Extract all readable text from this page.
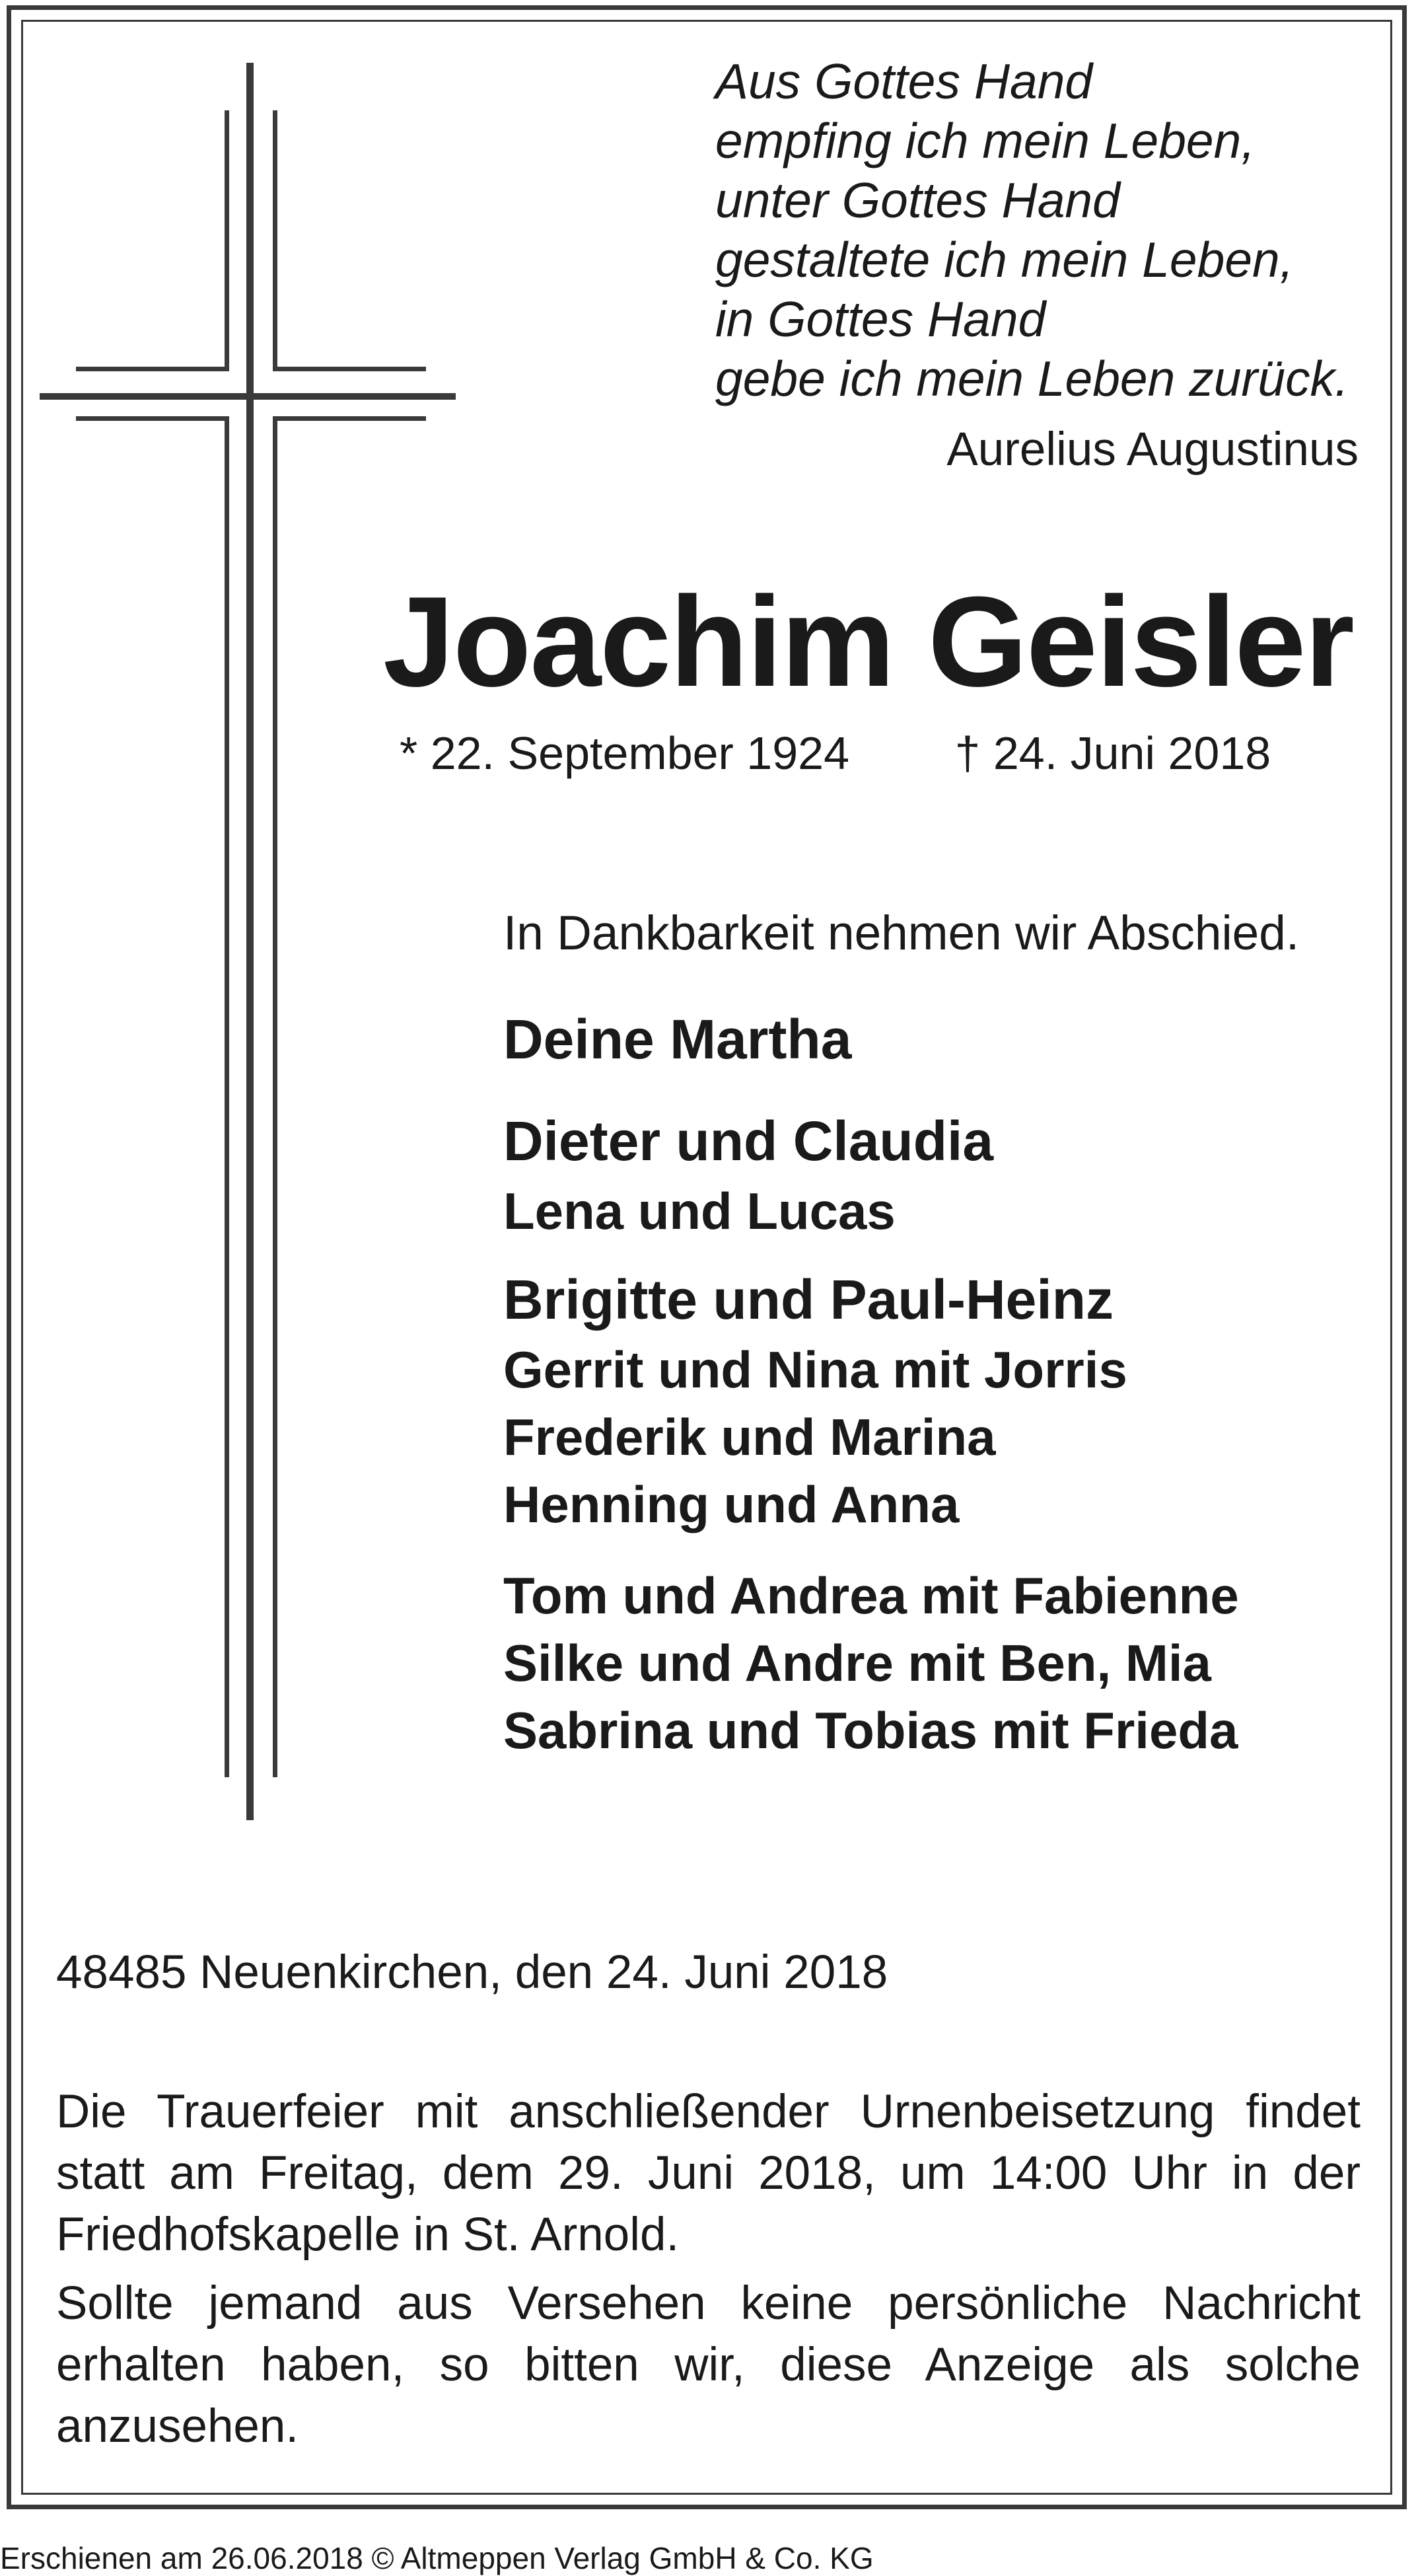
Aus Gottes Hand
empfing ich mein Leben,
unter Gottes Hand
gestaltete ich mein Leben,
in Gottes Hand
gebe ich mein Leben zurück.
Aurelius Augustinus
Joachim Geisler
* 22. September 1924 † 24. Juni 2018
In Dankbarkeit nehmen wir Abschied.
Deine Martha
Dieter und Claudia
Lena und Lucas
Brigitte und Paul-Heinz
Gerrit und Nina mit Jorris
Frederik und Marina
Henning und Anna
Tom und Andrea mit Fabienne
Silke und Andre mit Ben, Mia
Sabrina und Tobias mit Frieda
48485 Neuenkirchen, den 24. Juni 2018
Die Trauerfeier mit anschließender Urnenbeisetzung findet statt am Freitag, dem 29. Juni 2018, um 14:00 Uhr in der Friedhofskapelle in St. Arnold.
Sollte jemand aus Versehen keine persönliche Nachricht erhalten haben, so bitten wir, diese Anzeige als solche anzusehen.
Erschienen am 26.06.2018 © Altmeppen Verlag GmbH & Co. KG
